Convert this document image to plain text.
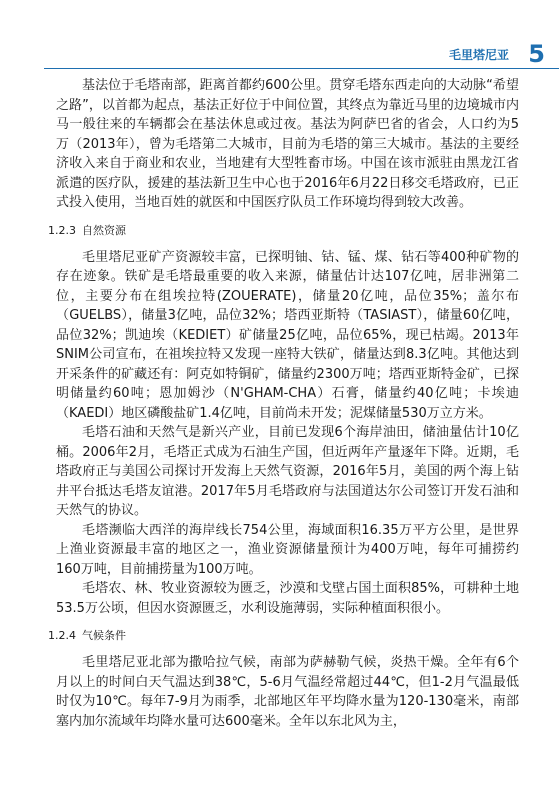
毛里塔尼亚 5

基法位于毛塔南部，距离首都约600公里。贯穿毛塔东西走向的大动脉“希望之路”，以首都为起点，基法正好位于中间位置，其终点为靠近马里的边境城市内马一般往来的车辆都会在基法休息或过夜。基法为阿萨巴省的省会，人口约为5万（2013年），曾为毛塔第二大城市，目前为毛塔的第三大城市。基法的主要经济收入来自于商业和农业，当地建有大型牲畜市场。中国在该市派驻由黑龙江省派遣的医疗队，援建的基法新卫生中心也于2016年6月22日移交毛塔政府，已正式投入使用，当地百姓的就医和中国医疗队员工作环境均得到较大改善。

1.2.3 自然资源

毛里塔尼亚矿产资源较丰富，已探明铀、钴、锰、煤、钻石等400种矿物的存在迹象。铁矿是毛塔最重要的收入来源，储量估计达107亿吨，居非洲第二位，主要分布在组埃拉特(ZOUERATE)，储量20亿吨，品位35%；盖尔布（GUELBS），储量3亿吨，品位32%；塔西亚斯特（TASIAST），储量60亿吨，品位32%；凯迪埃（KEDIET）矿储量25亿吨，品位65%，现已枯竭。2013年SNIM公司宣布，在祖埃拉特又发现一座特大铁矿，储量达到8.3亿吨。其他达到开采条件的矿藏还有：阿克如特铜矿，储量约2300万吨；塔西亚斯特金矿，已探明储量约60吨；恩加姆沙（N'GHAM-CHA）石膏，储量约40亿吨；卡埃迪（KAEDI）地区磷酸盐矿1.4亿吨，目前尚未开发；泥煤储量530万立方米。

毛塔石油和天然气是新兴产业，目前已发现6个海岸油田，储油量估计10亿桶。2006年2月，毛塔正式成为石油生产国，但近两年产量逐年下降。近期，毛塔政府正与美国公司探讨开发海上天然气资源，2016年5月，美国的两个海上钻井平台抵达毛塔友谊港。2017年5月毛塔政府与法国道达尔公司签订开发石油和天然气的协议。

毛塔濒临大西洋的海岸线长754公里，海域面积16.35万平方公里，是世界上渔业资源最丰富的地区之一，渔业资源储量预计为400万吨，每年可捕捞约160万吨，目前捕捞量为100万吨。

毛塔农、林、牧业资源较为匮乏，沙漠和戈壁占国土面积85%，可耕种土地53.5万公顷，但因水资源匮乏，水利设施薄弱，实际种植面积很小。

1.2.4 气候条件

毛里塔尼亚北部为撒哈拉气候，南部为萨赫勒气候，炎热干燥。全年有6个月以上的时间白天气温达到38℃，5-6月气温经常超过44℃，但1-2月气温最低时仅为10℃。每年7-9月为雨季，北部地区年平均降水量为120-130毫米，南部塞内加尔流域年均降水量可达600毫米。全年以东北风为主，
